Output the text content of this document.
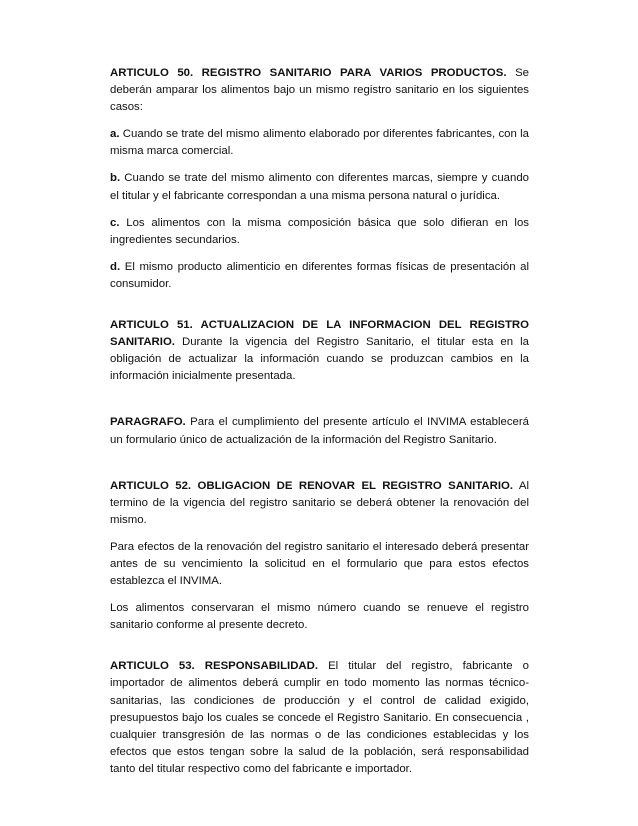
ARTICULO 50. REGISTRO SANITARIO PARA VARIOS PRODUCTOS. Se deberán amparar los alimentos bajo un mismo registro sanitario en los siguientes casos:

a. Cuando se trate del mismo alimento elaborado por diferentes fabricantes, con la misma marca comercial.

b. Cuando se trate del mismo alimento con diferentes marcas, siempre y cuando el titular y el fabricante correspondan a una misma persona natural o jurídica.

c. Los alimentos con la misma composición básica que solo difieran en los ingredientes secundarios.

d. El mismo producto alimenticio en diferentes formas físicas de presentación al consumidor.

ARTICULO 51. ACTUALIZACION DE LA INFORMACION DEL REGISTRO SANITARIO. Durante la vigencia del Registro Sanitario, el titular esta en la obligación de actualizar la información cuando se produzcan cambios en la información inicialmente presentada.

PARAGRAFO. Para el cumplimiento del presente artículo el INVIMA establecerá un formulario único de actualización de la información del Registro Sanitario.

ARTICULO 52. OBLIGACION DE RENOVAR EL REGISTRO SANITARIO. Al termino de la vigencia del registro sanitario se deberá obtener la renovación del mismo.

Para efectos de la renovación del registro sanitario el interesado deberá presentar antes de su vencimiento la solicitud en el formulario que para estos efectos establezca el INVIMA.

Los alimentos conservaran el mismo número cuando se renueve el registro sanitario conforme al presente decreto.

ARTICULO 53. RESPONSABILIDAD. El titular del registro, fabricante o importador de alimentos deberá cumplir en todo momento las normas técnico-sanitarias, las condiciones de producción y el control de calidad exigido, presupuestos bajo los cuales se concede el Registro Sanitario. En consecuencia , cualquier transgresión de las normas o de las condiciones establecidas y los efectos que estos tengan sobre la salud de la población, será responsabilidad tanto del titular respectivo como del fabricante e importador.
